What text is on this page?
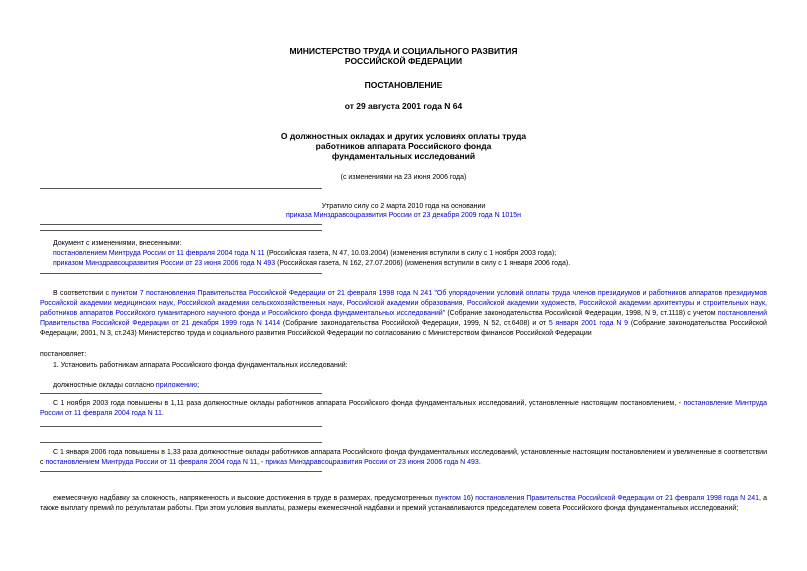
МИНИСТЕРСТВО ТРУДА И СОЦИАЛЬНОГО РАЗВИТИЯ
РОССИЙСКОЙ ФЕДЕРАЦИИ
ПОСТАНОВЛЕНИЕ
от 29 августа 2001 года N 64
О должностных окладах и других условиях оплаты труда
работников аппарата Российского фонда
фундаментальных исследований
(с изменениями на 23 июня 2006 года)
Утратило силу со 2 марта 2010 года на основании
приказа Минздравсоцразвития России от 23 декабря 2009 года N 1015н

Документ с изменениями, внесенными:

постановлением Минтруда России от 11 февраля 2004 года N 11 (Российская газета, N 47, 10.03.2004) (изменения вступили в силу с 1 ноября 2003 года);

приказом Минздравсоцразвития России от 23 июня 2006 года N 493 (Российская газета, N 162, 27.07.2006) (изменения вступили в силу с 1 января 2006 года).

В соответствии с пунктом 7 постановления Правительства Российской Федерации от 21 февраля 1998 года N 241 "Об упорядочении условий оплаты труда членов президиумов и работников аппаратов президиумов Российской академии медицинских наук, Российской академии сельскохозяйственных наук, Российской академии образования, Российской академии художеств, Российской академии архитектуры и строительных наук, работников аппаратов Российского гуманитарного научного фонда и Российского фонда фундаментальных исследований" (Собрание законодательства Российской Федерации, 1998, N 9, ст.1118) с учетом постановлений Правительства Российской Федерации от 21 декабря 1999 года N 1414 (Собрание законодательства Российской Федерации, 1999, N 52, ст.6408) и от 5 января 2001 года N 9 (Собрание законодательства Российской Федерации, 2001, N 3, ст.243) Министерство труда и социального развития Российской Федерации по согласованию с Министерством финансов Российской Федерации
постановляет:
1. Установить работникам аппарата Российского фонда фундаментальных исследований:
должностные оклады согласно приложению;
С 1 ноября 2003 года повышены в 1,11 раза должностные оклады работников аппарата Российского фонда фундаментальных исследований, установленные настоящим постановлением, - постановление Минтруда России от 11 февраля 2004 года N 11.
С 1 января 2006 года повышены в 1,33 раза должностные оклады работников аппарата Российского фонда фундаментальных исследований, установленные настоящим постановлением и увеличенные в соответствии с постановлением Минтруда России от 11 февраля 2004 года N 11, - приказ Минздравсоцразвития России от 23 июня 2006 года N 493.
ежемесячную надбавку за сложность, напряженность и высокие достижения в труде в размерах, предусмотренных пунктом 16) постановления Правительства Российской Федерации от 21 февраля 1998 года N 241, а также выплату премий по результатам работы. При этом условия выплаты, размеры ежемесячной надбавки и премий устанавливаются председателем совета Российского фонда фундаментальных исследований;
